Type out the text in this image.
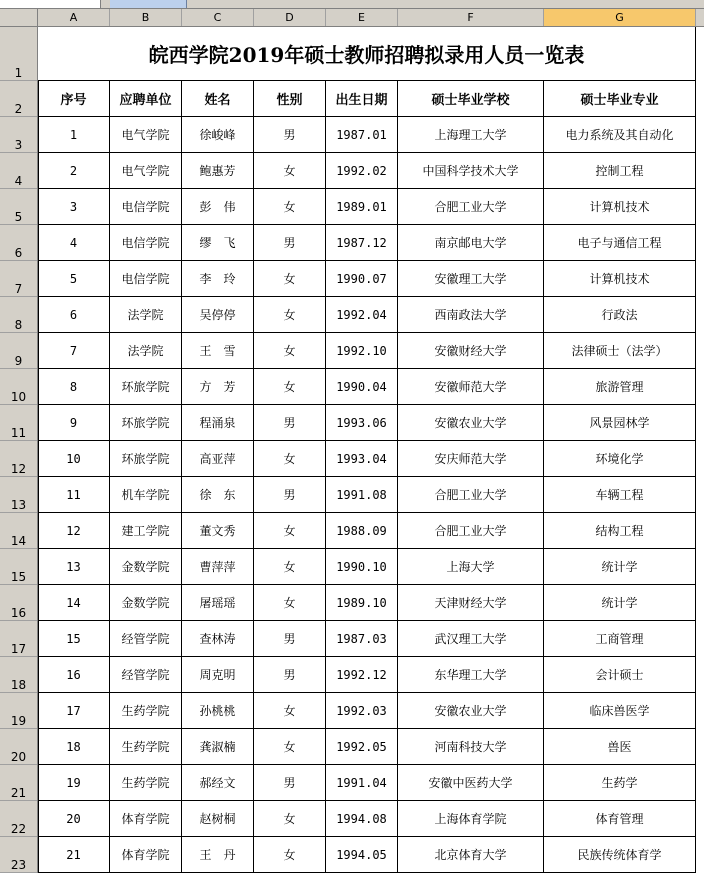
A	B	C	D	E	F	G
1
2
3
4
5
6
7
8
9
10
11
12
13
14
15
16
17
18
19
20
21
22
23
皖西学院2019年硕士教师招聘拟录用人员一览表
序号	应聘单位	姓名	性别	出生日期	硕士毕业学校	硕士毕业专业
1	电气学院	徐峻峰	男	1987.01	上海理工大学	电力系统及其自动化
2	电气学院	鲍惠芳	女	1992.02	中国科学技术大学	控制工程
3	电信学院	彭　伟	女	1989.01	合肥工业大学	计算机技术
4	电信学院	缪　飞	男	1987.12	南京邮电大学	电子与通信工程
5	电信学院	李　玲	女	1990.07	安徽理工大学	计算机技术
6	法学院	吴停停	女	1992.04	西南政法大学	行政法
7	法学院	王　雪	女	1992.10	安徽财经大学	法律硕士（法学）
8	环旅学院	方　芳	女	1990.04	安徽师范大学	旅游管理
9	环旅学院	程涌泉	男	1993.06	安徽农业大学	风景园林学
10	环旅学院	高亚萍	女	1993.04	安庆师范大学	环境化学
11	机车学院	徐　东	男	1991.08	合肥工业大学	车辆工程
12	建工学院	董文秀	女	1988.09	合肥工业大学	结构工程
13	金数学院	曹萍萍	女	1990.10	上海大学	统计学
14	金数学院	屠瑶瑶	女	1989.10	天津财经大学	统计学
15	经管学院	查林涛	男	1987.03	武汉理工大学	工商管理
16	经管学院	周克明	男	1992.12	东华理工大学	会计硕士
17	生药学院	孙桃桃	女	1992.03	安徽农业大学	临床兽医学
18	生药学院	龚淑楠	女	1992.05	河南科技大学	兽医
19	生药学院	郝经文	男	1991.04	安徽中医药大学	生药学
20	体育学院	赵树桐	女	1994.08	上海体育学院	体育管理
21	体育学院	王　丹	女	1994.05	北京体育大学	民族传统体育学
